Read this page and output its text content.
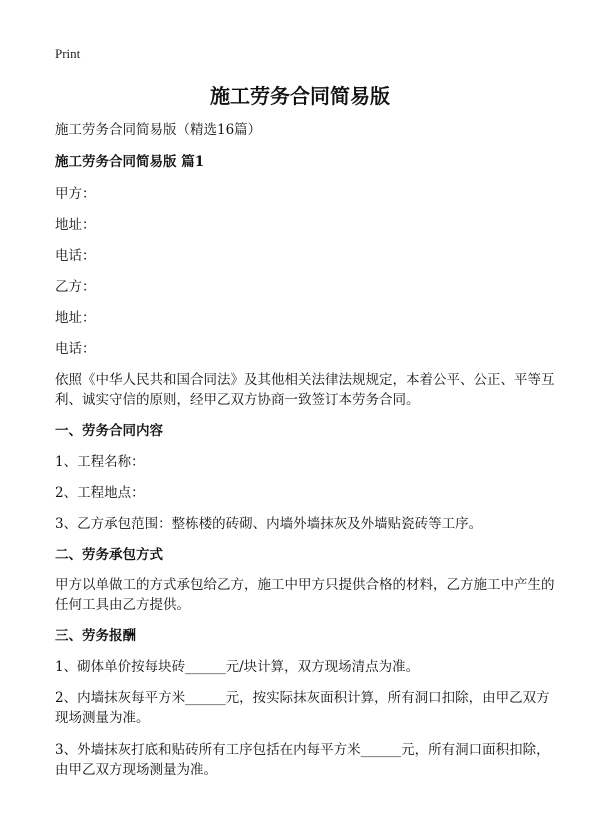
Print
施工劳务合同简易版
施工劳务合同简易版（精选16篇）
施工劳务合同简易版 篇1
甲方：
地址：
电话：
乙方：
地址：
电话：
依照《中华人民共和国合同法》及其他相关法律法规规定，本着公平、公正、平等互利、诚实守信的原则，经甲乙双方协商一致签订本劳务合同。
一、劳务合同内容
1、工程名称：
2、工程地点：
3、乙方承包范围：整栋楼的砖砌、内墙外墙抹灰及外墙贴瓷砖等工序。
二、劳务承包方式
甲方以单做工的方式承包给乙方，施工中甲方只提供合格的材料，乙方施工中产生的任何工具由乙方提供。
三、劳务报酬
1、砌体单价按每块砖______元/块计算，双方现场清点为准。
2、内墙抹灰每平方米______元，按实际抹灰面积计算，所有洞口扣除，由甲乙双方现场测量为准。
3、外墙抹灰打底和贴砖所有工序包括在内每平方米______元，所有洞口面积扣除，由甲乙双方现场测量为准。
